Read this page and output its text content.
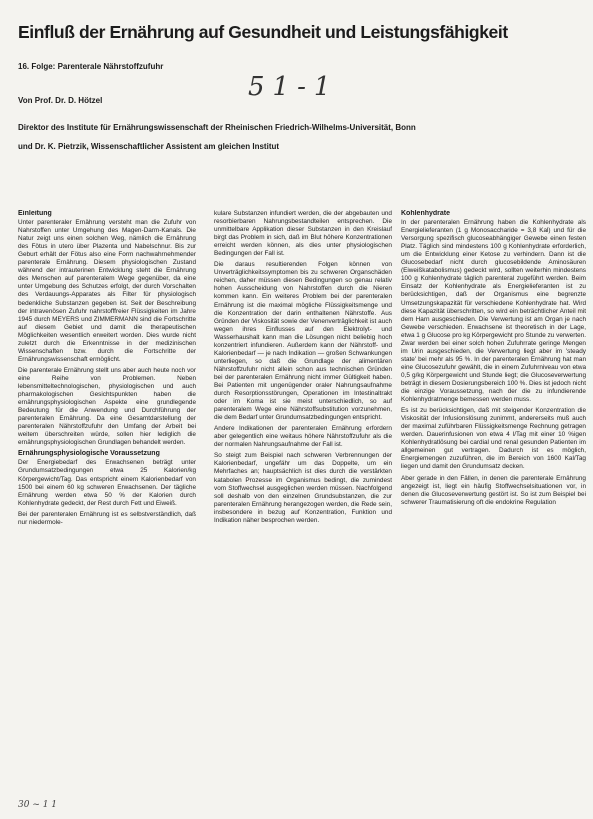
Einfluß der Ernährung auf Gesundheit und Leistungsfähigkeit
16. Folge: Parenterale Nährstoffzufuhr
51-1
Von Prof. Dr. D. Hötzel
Direktor des Institute für Ernährungswissenschaft der Rheinischen Friedrich-Wilhelms-Universität, Bonn
und Dr. K. Pietrzik, Wissenschaftlicher Assistent am gleichen Institut
Einleitung

Unter parenteraler Ernährung versteht man die Zufuhr von Nahrstoffen unter Umgehung des Magen-Darm-Kanals. Die Natur zeigt uns einen solchen Weg, nämlich die Ernährung des Fötus in utero über Plazenta und Nabelschnur. Bis zur Geburt erhält der Fötus also eine Form nachwahrnehmender parenterale Ernährung. Diesem physiologischen Zustand während der intrauterinen Entwicklung steht die Ernährung des Menschen auf parenteralem Wege gegenüber, da eine unter Umgebung des Schutzes erfolgt, der durch Vorschalten des Verdauungs-Apparates als Filter für physiologisch bedenkliche Substanzen gegeben ist. Seit der Beschreibung der intravenösen Zufuhr nahrstofffreier Flüssigkeiten im Jahre 1945 durch MEYERS und ZIMMERMANN sind die Fortschritte auf diesem Gebiet und damit die therapeutischen Möglichkeiten wesentlich erweitert worden. Dies wurde nicht zuletzt durch die Erkenntnisse in der medizinischen Wissenschaften bzw. durch die Fortschritte der Ernährungswissenschaft ermöglicht.

Die parenterale Ernährung stellt uns aber auch heute noch vor eine Reihe von Problemen. Neben lebensmitteltechnologischen, physiologischen und auch pharmakologischen Gesichtspunkten haben die ernährungsphysiologischen Aspekte eine grundlegende Bedeutung für die Anwendung und Durchführung der parenteralen Ernährung. Da eine Gesamtdarstellung der parenteralen Nährstoffzufuhr den Umfang der Arbeit bei weitem überschreiten würde, sollen hier lediglich die ernährungsphysiologischen Grundlagen behandelt werden.

Ernährungsphysiologische Voraussetzung

Der Energiebedarf des Erwachsenen beträgt unter Grundumsatzbedingungen etwa 25 Kalorien/kg Körpergewicht/Tag. Das entspricht einem Kalorienbedarf von 1500 bei einem 60 kg schweren Erwachsenen. Der tägliche Ernährung werden etwa 50 % der Kalorien durch Kohlenhydrate gedeckt, der Rest durch Fett und Eiweiß.

Bei der parenteralen Ernährung ist es selbstverständlich, daß nur niedermole-

kulare Substanzen infundiert werden, die der abgebauten und resorbierbaren Nahrungsbestandteilen entsprechen. Die unmittelbare Applikation dieser Substanzen in den Kreislauf birgt das Problem in sich, daß im Blut höhere Konzentrationen erreicht werden können, als dies unter physiologischen Bedingungen der Fall ist.

Die daraus resultierenden Folgen können von Unverträglichkeitssymptomen bis zu schweren Organschäden reichen, daher müssen diesen Bedingungen so genau relativ hohen Ausscheidung von Nahrstoffen durch die Nieren kommen kann. Ein weiteres Problem bei der parenteralen Ernährung ist die maximal mögliche Flüssigkeitsmenge und die Konzentration der darin enthaltenen Nährstoffe. Aus Gründen der Viskosität sowie der Venenverträglichkeit ist auch wegen ihres Einflusses auf den Elektrolyt- und Wasserhaushalt kann man die Lösungen nicht beliebig hoch konzentriert infundieren. Außerdem kann der Nährstoff- und Kalorienbedarf — je nach Indikation — großen Schwankungen unterliegen, so daß die Grundlage der alimentären Nährstoffzufuhr nicht allein schon aus technischen Gründen bei der parenteralen Ernährung nicht immer Gültigkeit haben. Bei Patienten mit ungenügender oraler Nahrungsaufnahme durch Resorptionsstörungen, Operationen im Intestinaltrakt oder im Koma ist sie meist unterschiedlich, so auf parenteralem Wege eine Nährstoffsubstitution vorzunehmen, die dem Bedarf unter Grundumsatzbedingungen entspricht.

Andere Indikationen der parenteralen Ernährung erfordern aber gelegentlich eine weitaus höhere Nährstoffzufuhr als die der normalen Nahrungsaufnahme der Fall ist.

So steigt zum Beispiel nach schweren Verbrennungen der Kalorienbedarf, ungefähr um das Doppelte, um ein Mehrfaches an; hauptsächlich ist dies durch die verstärkten katabolen Prozesse im Organismus bedingt, die zumindest vom Stoffwechsel ausgeglichen werden müssen. Nachfolgend soll deshalb von den einzelnen Grundsubstanzen, die zur parenteralen Ernährung herangezogen werden, die Rede sein, insbesondere in bezug auf Konzentration, Funktion und Indikation näher besprochen werden.

Kohlenhydrate

In der parenteralen Ernährung haben die Kohlenhydrate als Energielieferanten (1 g Monosaccharide = 3,8 Kal) und für die Versorgung spezifisch glucoseabhängiger Gewebe einen festen Platz. Täglich sind mindestens 100 g Kohlenhydrate erforderlich, um die Entwicklung einer Ketose zu verhindern. Dann ist die Glucosebedarf nicht durch glucosebildende Aminosäuren (Eiweißkatabolismus) gedeckt wird, sollten weiterhin mindestens 100 g Kohlenhydrate täglich parenteral zugeführt werden. Beim Einsatz der Kohlenhydrate als Energielieferanten ist zu berücksichtigen, daß der Organismus eine begrenzte Umsetzungskapazität für verschiedene Kohlenhydrate hat. Wird diese Kapazität überschritten, so wird ein beträchtlicher Anteil mit dem Harn ausgeschieden. Die Verwertung ist am Organ je nach Gewebe verschieden. Erwachsene ist theoretisch in der Lage, etwa 1 g Glucose pro kg Körpergewicht pro Stunde zu verwerten. Zwar werden bei einer solch hohen Zufuhrrate geringe Mengen im Urin ausgeschieden, die Verwertung liegt aber im 'steady state' bei mehr als 95 %. In der parenteralen Ernährung hat man eine Glucosezufuhr gewählt, die in einem Zufuhrniveau von etwa 0,5 g/kg Körpergewicht und Stunde liegt; die Glucoseverwertung beträgt in diesem Dosierungsbereich 100 %. Dies ist jedoch nicht die einzige Voraussetzung, nach der die zu infundierende Kohlenhydratmenge bemessen werden muss.

Es ist zu berücksichtigen, daß mit steigender Konzentration die Viskosität der Infusionslösung zunimmt, andererseits muß auch der maximal zuführbaren Flüssigkeitsmenge Rechnung getragen werden. Dauerinfusionen von etwa 4 l/Tag mit einer 10 %igen Kohlenhydratlösung bei cardial und renal gesunden Patienten im allgemeinen gut vertragen. Dadurch ist es möglich, Energiemengen zuzuführen, die im Bereich von 1600 Kal/Tag liegen und damit den Grundumsatz decken.

Aber gerade in den Fällen, in denen die parenterale Ernährung angezeigt ist, liegt ein häufig Stoffwechselsituationen vor, in denen die Glucoseverwertung gestört ist. So ist zum Beispiel bei schwerer Traumatisierung oft die endokrine Regulation

30 ~ 1 1
